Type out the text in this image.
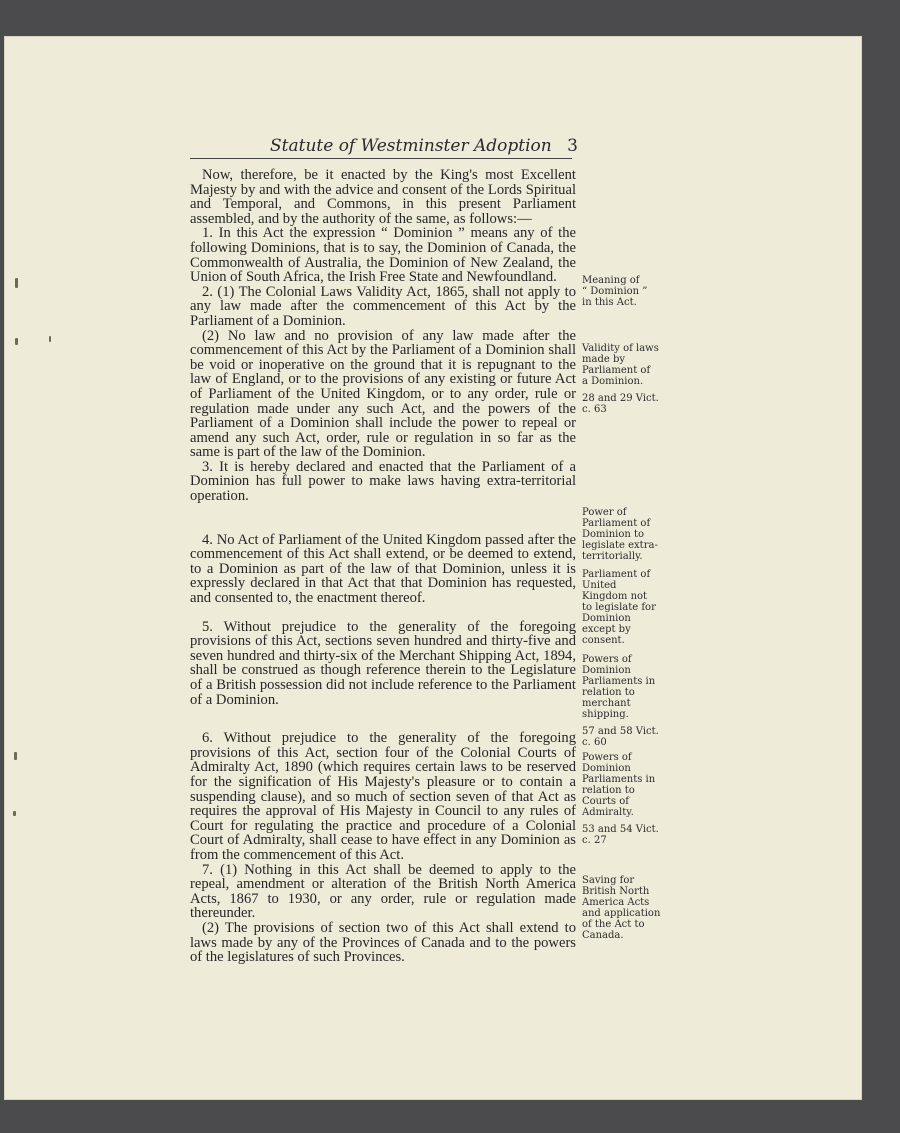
Statute of Westminster Adoption 3

Now, therefore, be it enacted by the King's most Excellent Majesty by and with the advice and consent of the Lords Spiritual and Temporal, and Commons, in this present Parliament assembled, and by the authority of the same, as follows:—

1. In this Act the expression “ Dominion ” means any of the following Dominions, that is to say, the Dominion of Canada, the Commonwealth of Australia, the Dominion of New Zealand, the Union of South Africa, the Irish Free State and Newfoundland.

2. (1) The Colonial Laws Validity Act, 1865, shall not apply to any law made after the commencement of this Act by the Parliament of a Dominion.

(2) No law and no provision of any law made after the commencement of this Act by the Parliament of a Dominion shall be void or inoperative on the ground that it is repugnant to the law of England, or to the provisions of any existing or future Act of Parliament of the United Kingdom, or to any order, rule or regulation made under any such Act, and the powers of the Parliament of a Dominion shall include the power to repeal or amend any such Act, order, rule or regulation in so far as the same is part of the law of the Dominion.

3. It is hereby declared and enacted that the Parliament of a Dominion has full power to make laws having extra-territorial operation.

4. No Act of Parliament of the United Kingdom passed after the commencement of this Act shall extend, or be deemed to extend, to a Dominion as part of the law of that Dominion, unless it is expressly declared in that Act that that Dominion has requested, and consented to, the enactment thereof.

5. Without prejudice to the generality of the foregoing provisions of this Act, sections seven hundred and thirty-five and seven hundred and thirty-six of the Merchant Shipping Act, 1894, shall be construed as though reference therein to the Legislature of a British possession did not include reference to the Parliament of a Dominion.

6. Without prejudice to the generality of the foregoing provisions of this Act, section four of the Colonial Courts of Admiralty Act, 1890 (which requires certain laws to be reserved for the signification of His Majesty's pleasure or to contain a suspending clause), and so much of section seven of that Act as requires the approval of His Majesty in Council to any rules of Court for regulating the practice and procedure of a Colonial Court of Admiralty, shall cease to have effect in any Dominion as from the commencement of this Act.

7. (1) Nothing in this Act shall be deemed to apply to the repeal, amendment or alteration of the British North America Acts, 1867 to 1930, or any order, rule or regulation made thereunder.

(2) The provisions of section two of this Act shall extend to laws made by any of the Provinces of Canada and to the powers of the legislatures of such Provinces.

Meaning of
“ Dominion ”
in this Act.

Validity of laws
made by
Parliament of
a Dominion.

28 and 29 Vict.
c. 63

Power of
Parliament of
Dominion to
legislate extra-
territorially.

Parliament of
United
Kingdom not
to legislate for
Dominion
except by
consent.

Powers of
Dominion
Parliaments in
relation to
merchant
shipping.

57 and 58 Vict.
c. 60

Powers of
Dominion
Parliaments in
relation to
Courts of
Admiralty.

53 and 54 Vict.
c. 27

Saving for
British North
America Acts
and application
of the Act to
Canada.
